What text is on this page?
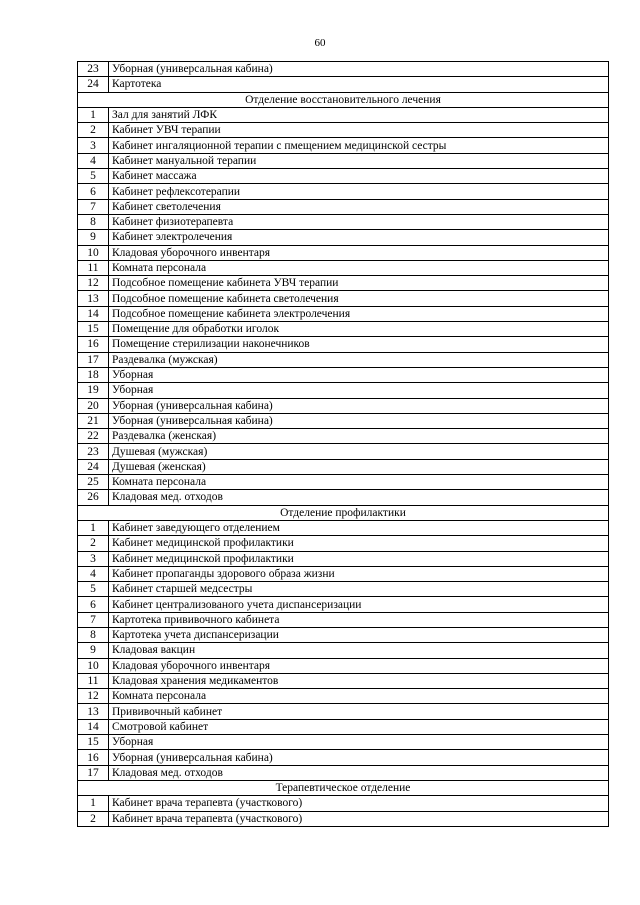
60
23	Уборная (универсальная кабина)
24	Картотека
Отделение восстановительного лечения	
1	Зал для занятий ЛФК
2	Кабинет УВЧ терапии
3	Кабинет ингаляционной терапии с пмещением медицинской сестры
4	Кабинет мануальной терапии
5	Кабинет массажа
6	Кабинет рефлексотерапии
7	Кабинет светолечения
8	Кабинет физиотерапевта
9	Кабинет электролечения
10	Кладовая уборочного инвентаря
11	Комната персонала
12	Подсобное помещение кабинета УВЧ терапии
13	Подсобное помещение кабинета светолечения
14	Подсобное помещение кабинета электролечения
15	Помещение для обработки иголок
16	Помещение стерилизации наконечников
17	Раздевалка (мужская)
18	Уборная
19	Уборная
20	Уборная (универсальная кабина)
21	Уборная (универсальная кабина)
22	Раздевалка (женская)
23	Душевая (мужская)
24	Душевая (женская)
25	Комната персонала
26	Кладовая мед. отходов
Отделение профилактики	
1	Кабинет заведующего отделением
2	Кабинет медицинской профилактики
3	Кабинет медицинской профилактики
4	Кабинет пропаганды здорового образа жизни
5	Кабинет старшей медсестры
6	Кабинет централизованого учета диспансеризации
7	Картотека прививочного кабинета
8	Картотека учета диспансеризации
9	Кладовая вакцин
10	Кладовая уборочного инвентаря
11	Кладовая хранения медикаментов
12	Комната персонала
13	Прививочный кабинет
14	Смотровой кабинет
15	Уборная
16	Уборная (универсальная кабина)
17	Кладовая мед. отходов
Терапевтическое отделение	
1	Кабинет врача терапевта (участкового)
2	Кабинет врача терапевта (участкового)
